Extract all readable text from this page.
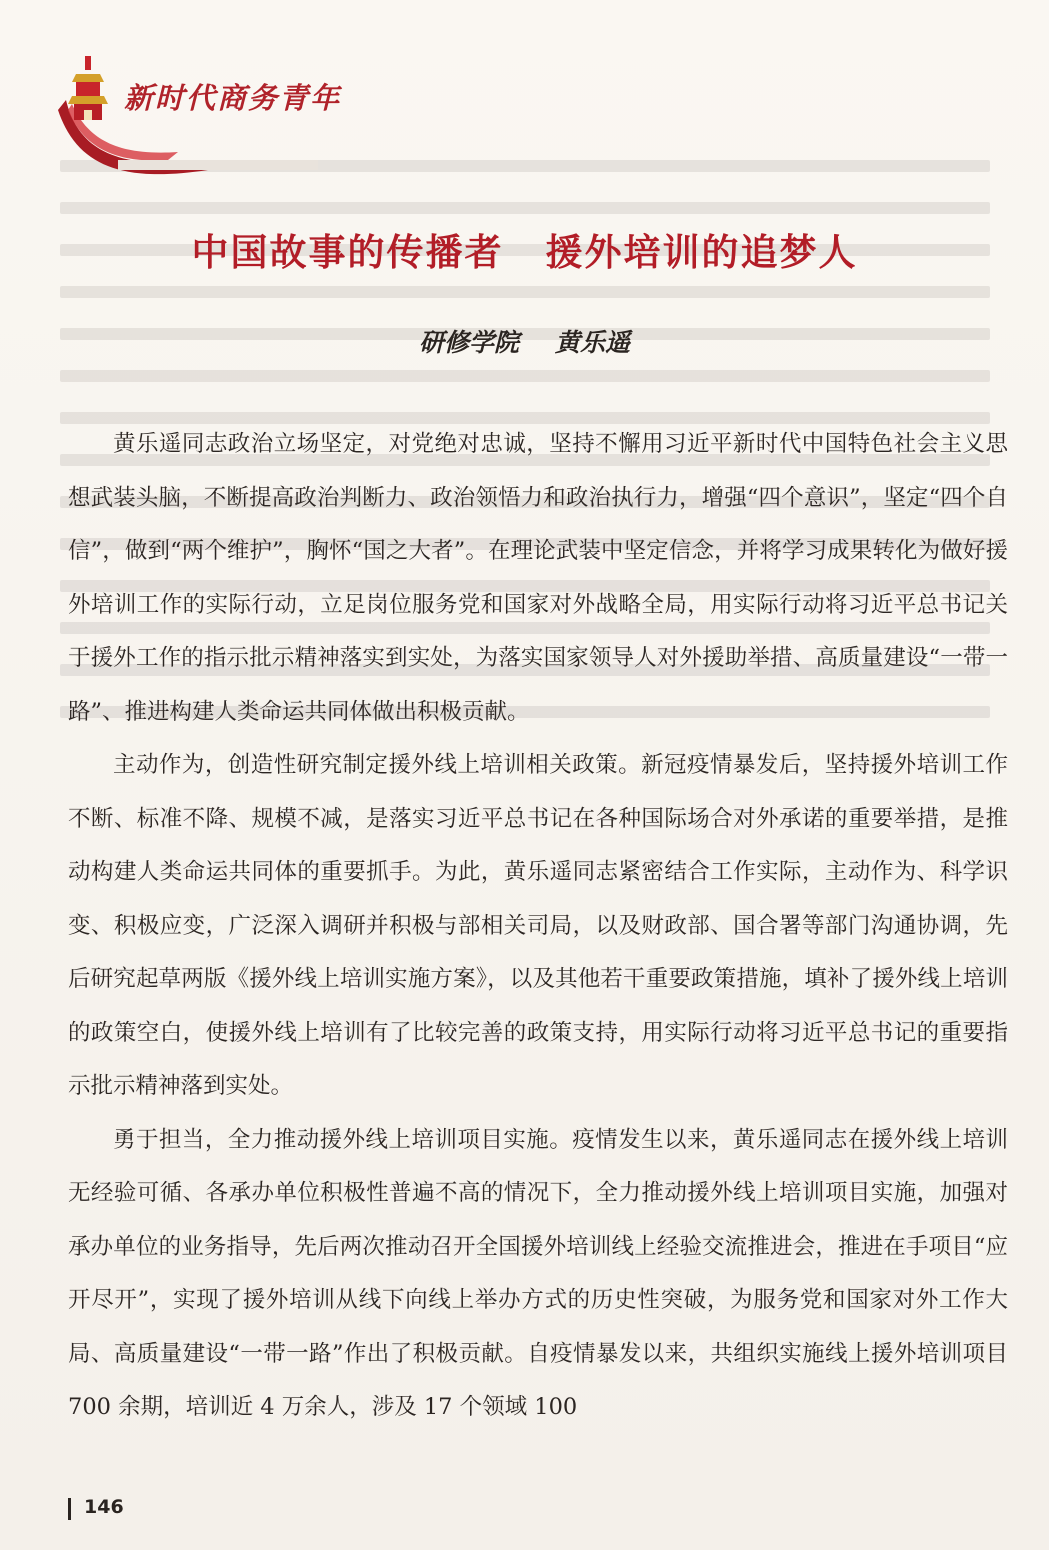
新时代商务青年
中国故事的传播者 援外培训的追梦人
研修学院 黄乐遥

黄乐遥同志政治立场坚定，对党绝对忠诚，坚持不懈用习近平新时代中国特色社会主义思想武装头脑，不断提高政治判断力、政治领悟力和政治执行力，增强“四个意识”，坚定“四个自信”，做到“两个维护”，胸怀“国之大者”。在理论武装中坚定信念，并将学习成果转化为做好援外培训工作的实际行动，立足岗位服务党和国家对外战略全局，用实际行动将习近平总书记关于援外工作的指示批示精神落实到实处，为落实国家领导人对外援助举措、高质量建设“一带一路”、推进构建人类命运共同体做出积极贡献。

主动作为，创造性研究制定援外线上培训相关政策。新冠疫情暴发后，坚持援外培训工作不断、标准不降、规模不减，是落实习近平总书记在各种国际场合对外承诺的重要举措，是推动构建人类命运共同体的重要抓手。为此，黄乐遥同志紧密结合工作实际，主动作为、科学识变、积极应变，广泛深入调研并积极与部相关司局，以及财政部、国合署等部门沟通协调，先后研究起草两版《援外线上培训实施方案》，以及其他若干重要政策措施，填补了援外线上培训的政策空白，使援外线上培训有了比较完善的政策支持，用实际行动将习近平总书记的重要指示批示精神落到实处。

勇于担当，全力推动援外线上培训项目实施。疫情发生以来，黄乐遥同志在援外线上培训无经验可循、各承办单位积极性普遍不高的情况下，全力推动援外线上培训项目实施，加强对承办单位的业务指导，先后两次推动召开全国援外培训线上经验交流推进会，推进在手项目“应开尽开”，实现了援外培训从线下向线上举办方式的历史性突破，为服务党和国家对外工作大局、高质量建设“一带一路”作出了积极贡献。自疫情暴发以来，共组织实施线上援外培训项目 700 余期，培训近 4 万余人，涉及 17 个领域 100

146
